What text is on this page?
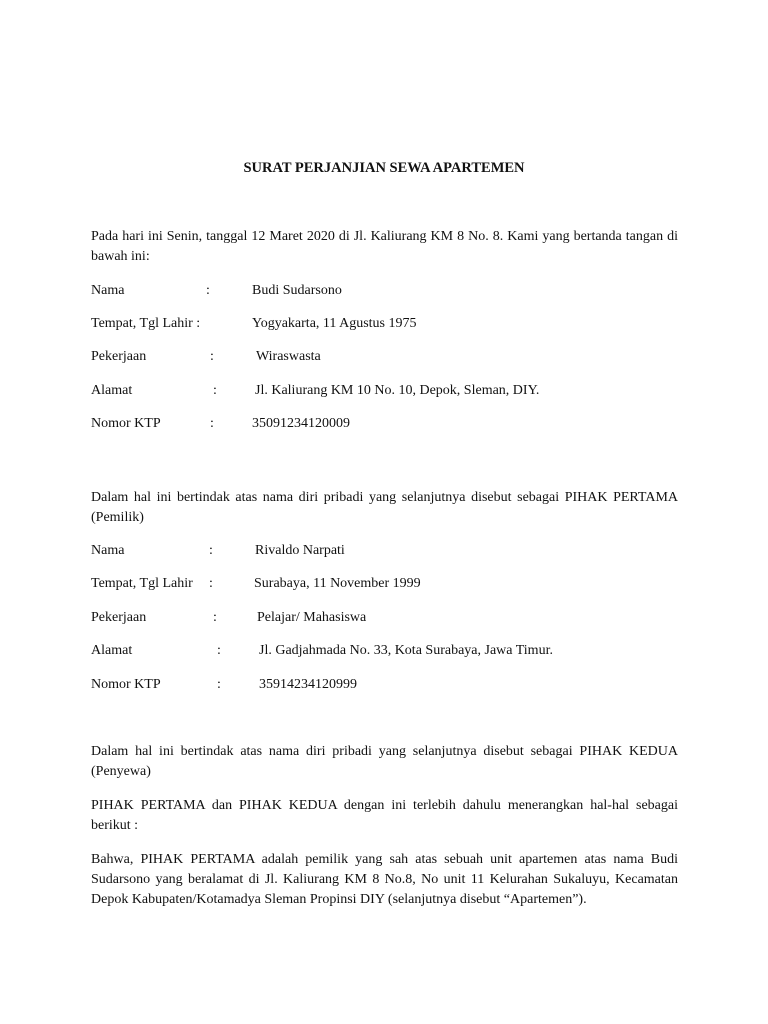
SURAT PERJANJIAN SEWA APARTEMEN
Pada hari ini Senin, tanggal 12 Maret 2020 di Jl. Kaliurang KM 8 No. 8. Kami yang bertanda tangan di bawah ini:
Nama	:	Budi Sudarsono
Tempat, Tgl Lahir :	Yogyakarta, 11 Agustus 1975
Pekerjaan	:	Wiraswasta
Alamat	:	Jl. Kaliurang KM 10 No. 10, Depok, Sleman, DIY.
Nomor KTP	:	35091234120009
Dalam hal ini bertindak atas nama diri pribadi yang selanjutnya disebut sebagai PIHAK PERTAMA (Pemilik)
Nama	:	Rivaldo Narpati
Tempat, Tgl Lahir :	Surabaya, 11 November 1999
Pekerjaan	:	Pelajar/ Mahasiswa
Alamat	:	Jl. Gadjahmada No. 33, Kota Surabaya, Jawa Timur.
Nomor KTP	:	35914234120999
Dalam hal ini bertindak atas nama diri pribadi yang selanjutnya disebut sebagai PIHAK KEDUA (Penyewa)
PIHAK PERTAMA dan PIHAK KEDUA dengan ini terlebih dahulu menerangkan hal-hal sebagai berikut :
Bahwa, PIHAK PERTAMA adalah pemilik yang sah atas sebuah unit apartemen atas nama Budi Sudarsono yang beralamat di Jl. Kaliurang KM 8 No.8, No unit 11 Kelurahan Sukaluyu, Kecamatan Depok Kabupaten/Kotamadya Sleman Propinsi DIY (selanjutnya disebut “Apartemen”).
